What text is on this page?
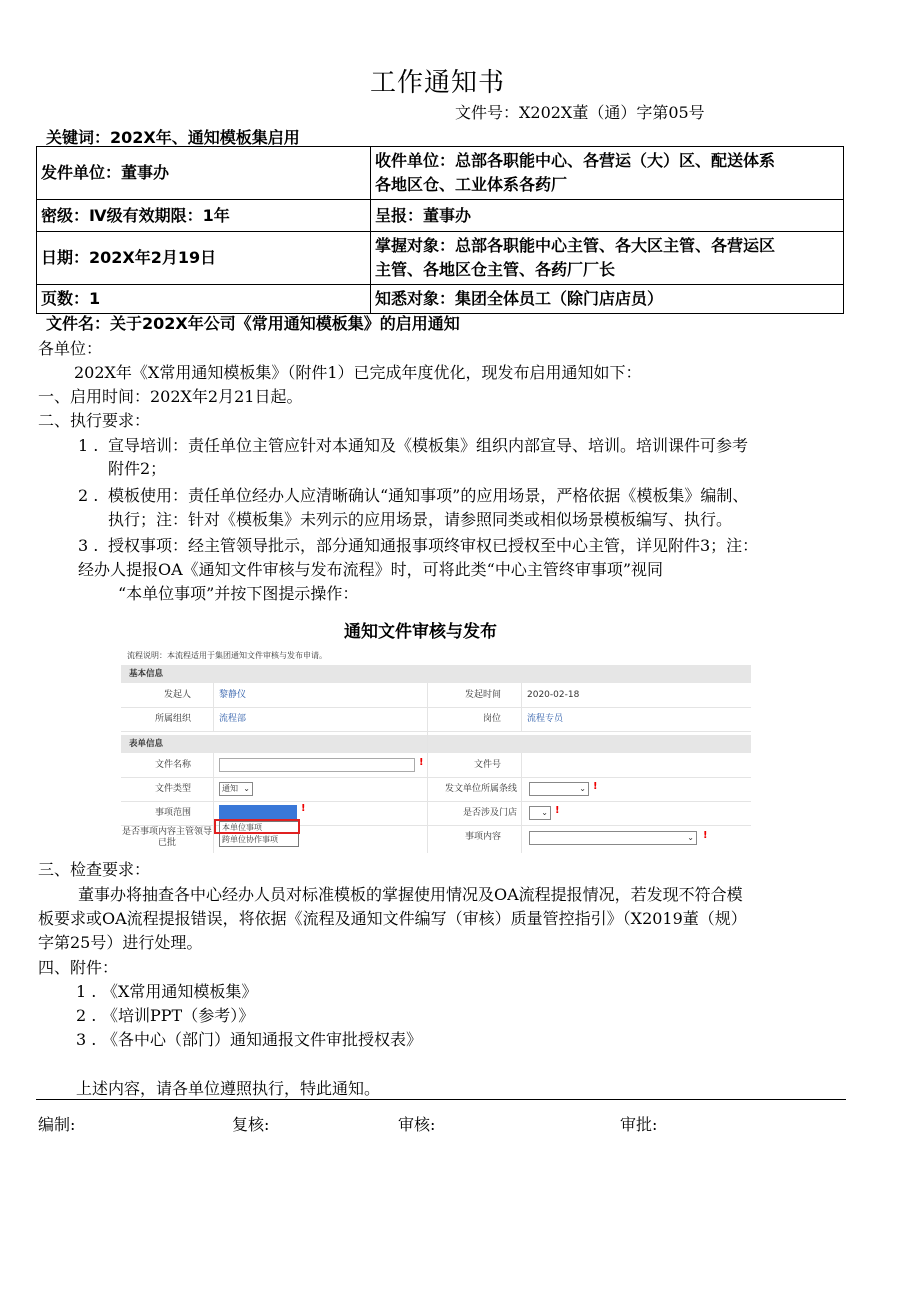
工作通知书
文件号：X202X董（通）字第05号
关键词：202X年、通知模板集启用
发件单位：董事办	收件单位：总部各职能中心、各营运（大）区、配送体系
各地区仓、工业体系各药厂

密级：Ⅳ级有效期限：1年	呈报：董事办
日期：202X年2月19日	掌握对象：总部各职能中心主管、各大区主管、各营运区
主管、各地区仓主管、各药厂厂长

页数：1	知悉对象：集团全体员工（除门店店员）
文件名：关于202X年公司《常用通知模板集》的启用通知
各单位：
202X年《X常用通知模板集》（附件1）已完成年度优化，现发布启用通知如下：
一、启用时间：202X年2月21日起。
二、执行要求：
1 . 宣导培训：责任单位主管应针对本通知及《模板集》组织内部宣导、培训。培训课件可参考
附件2；
2 . 模板使用：责任单位经办人应清晰确认“通知事项”的应用场景，严格依据《模板集》编制、
执行；注：针对《模板集》未列示的应用场景，请参照同类或相似场景模板编写、执行。
3 . 授权事项：经主管领导批示，部分通知通报事项终审权已授权至中心主管，详见附件3；注：
经办人提报OA《通知文件审核与发布流程》时，可将此类“中心主管终审事项”视同
“本单位事项”并按下图提示操作：
通知文件审核与发布
流程说明：本流程适用于集团通知文件审核与发布申请。
基本信息
发起人	黎静仪	发起时间	2020-02-18
所属组织	流程部	岗位	流程专员
表单信息
文件名称	!	文件号
文件类型	通知 ⌄	发文单位所属条线	⌄ !
事项范围	!	是否涉及门店	⌄ !
是否事项内容主管领导
已批
事项内容	⌄ !
本单位事项
跨单位协作事项
三、检查要求：
董事办将抽查各中心经办人员对标准模板的掌握使用情况及OA流程提报情况，若发现不符合模
板要求或OA流程提报错误，将依据《流程及通知文件编写（审核）质量管控指引》（X2019董（规）
字第25号）进行处理。
四、附件：
1 . 《X常用通知模板集》
2 . 《培训PPT（参考）》
3 . 《各中心（部门）通知通报文件审批授权表》
上述内容，请各单位遵照执行，特此通知。
编制:	复核:	审核:	审批:
